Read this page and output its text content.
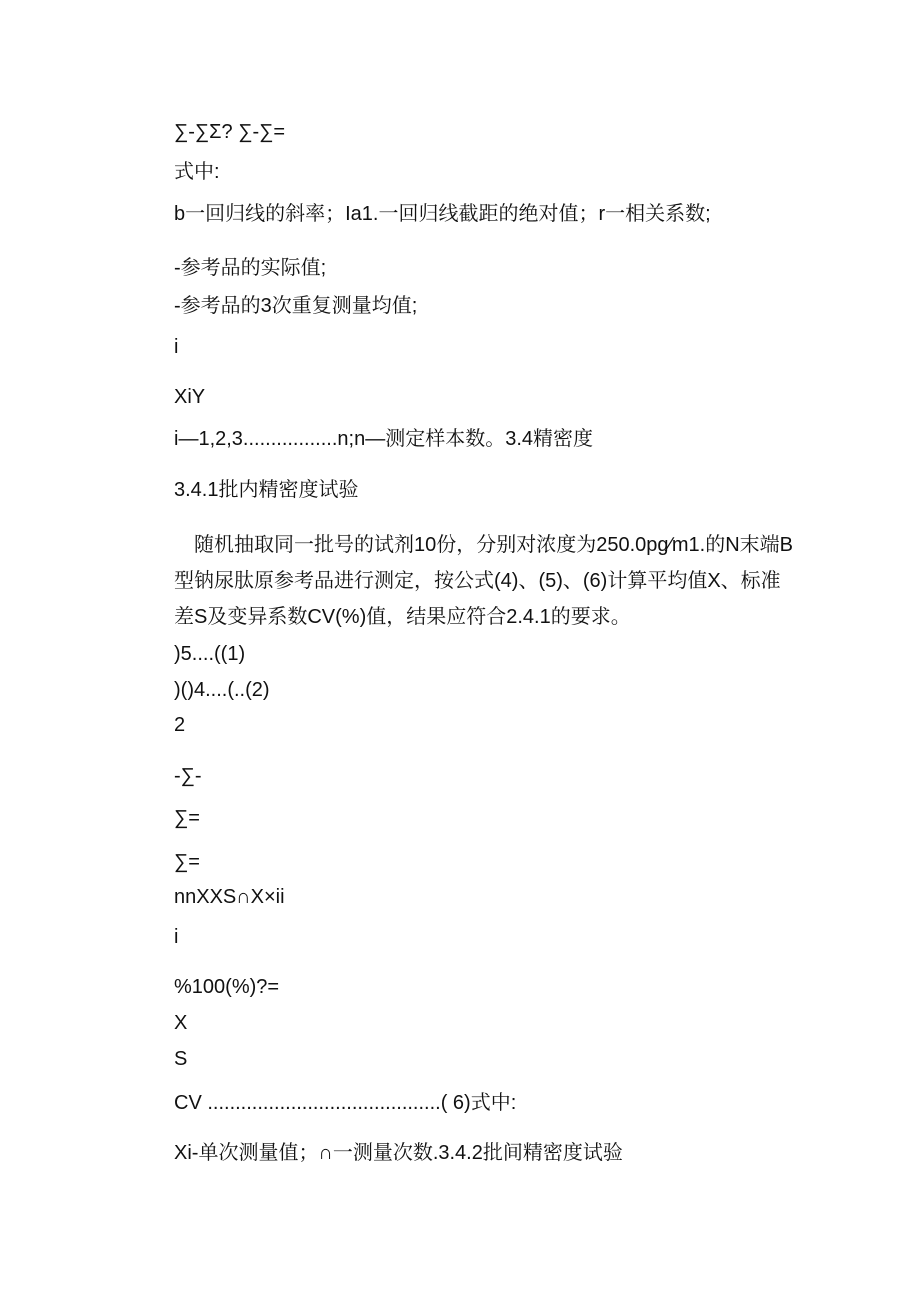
∑-∑Σ? ∑-∑=
式中:
b一回归线的斜率；Ia1.一回归线截距的绝对值；r一相关系数;
-参考品的实际值;
-参考品的3次重复测量均值;
i
XiY
i—1,2,3.................n;n—测定样本数。3.4精密度
3.4.1批内精密度试验
随机抽取同一批号的试剂10份，分别对浓度为250.0pg∕m1.的N末端B型钠尿肽原参考品进行测定，按公式(4)、(5)、(6)计算平均值X、标准差S及变异系数CV(%)值，结果应符合2.4.1的要求。
)5....((1)
)()4....(..(2)
2
-∑-
∑=
∑=
nnXXS∩X×ii
i
%100(%)?=
X
S
CV ..........................................( 6)式中:
Xi-单次测量值；∩一测量次数.3.4.2批间精密度试验
